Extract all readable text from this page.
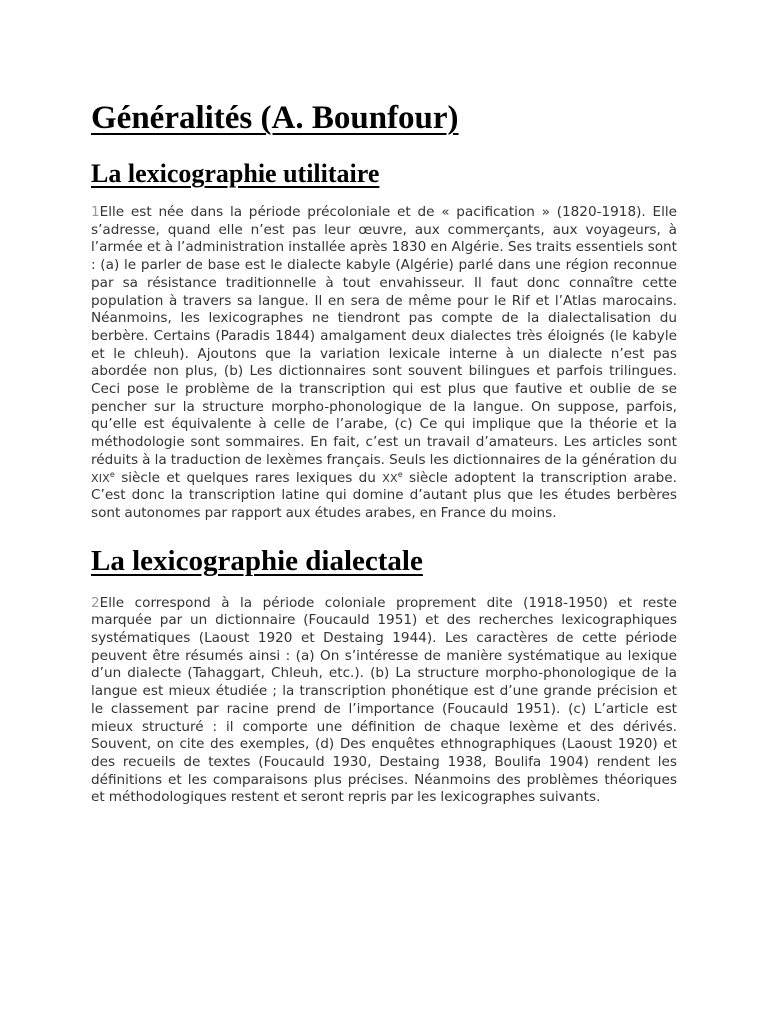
Généralités (A. Bounfour)
La lexicographie utilitaire

1Elle est née dans la période précoloniale et de « pacification » (1820-1918). Elle s’adresse, quand elle n’est pas leur œuvre, aux commerçants, aux voyageurs, à l’armée et à l’administration installée après 1830 en Algérie. Ses traits essentiels sont : (a) le parler de base est le dialecte kabyle (Algérie) parlé dans une région reconnue par sa résistance traditionnelle à tout envahisseur. Il faut donc connaître cette population à travers sa langue. Il en sera de même pour le Rif et l’Atlas marocains. Néanmoins, les lexicographes ne tiendront pas compte de la dialectalisation du berbère. Certains (Paradis 1844) amalgament deux dialectes très éloignés (le kabyle et le chleuh). Ajoutons que la variation lexicale interne à un dialecte n’est pas abordée non plus, (b) Les dictionnaires sont souvent bilingues et parfois trilingues. Ceci pose le problème de la transcription qui est plus que fautive et oublie de se pencher sur la structure morpho-phonologique de la langue. On suppose, parfois, qu’elle est équivalente à celle de l’arabe, (c) Ce qui implique que la théorie et la méthodologie sont sommaires. En fait, c’est un travail d’amateurs. Les articles sont réduits à la traduction de lexèmes français. Seuls les dictionnaires de la génération du XIXe siècle et quelques rares lexiques du XXe siècle adoptent la transcription arabe. C’est donc la transcription latine qui domine d’autant plus que les études berbères sont autonomes par rapport aux études arabes, en France du moins.

La lexicographie dialectale

2Elle correspond à la période coloniale proprement dite (1918-1950) et reste marquée par un dictionnaire (Foucauld 1951) et des recherches lexicographiques systématiques (Laoust 1920 et Destaing 1944). Les caractères de cette période peuvent être résumés ainsi : (a) On s’intéresse de manière systématique au lexique d’un dialecte (Tahaggart, Chleuh, etc.). (b) La structure morpho-phonologique de la langue est mieux étudiée ; la transcription phonétique est d’une grande précision et le classement par racine prend de l’importance (Foucauld 1951). (c) L’article est mieux structuré : il comporte une définition de chaque lexème et des dérivés. Souvent, on cite des exemples, (d) Des enquêtes ethnographiques (Laoust 1920) et des recueils de textes (Foucauld 1930, Destaing 1938, Boulifa 1904) rendent les définitions et les comparaisons plus précises. Néanmoins des problèmes théoriques et méthodologiques restent et seront repris par les lexicographes suivants.
